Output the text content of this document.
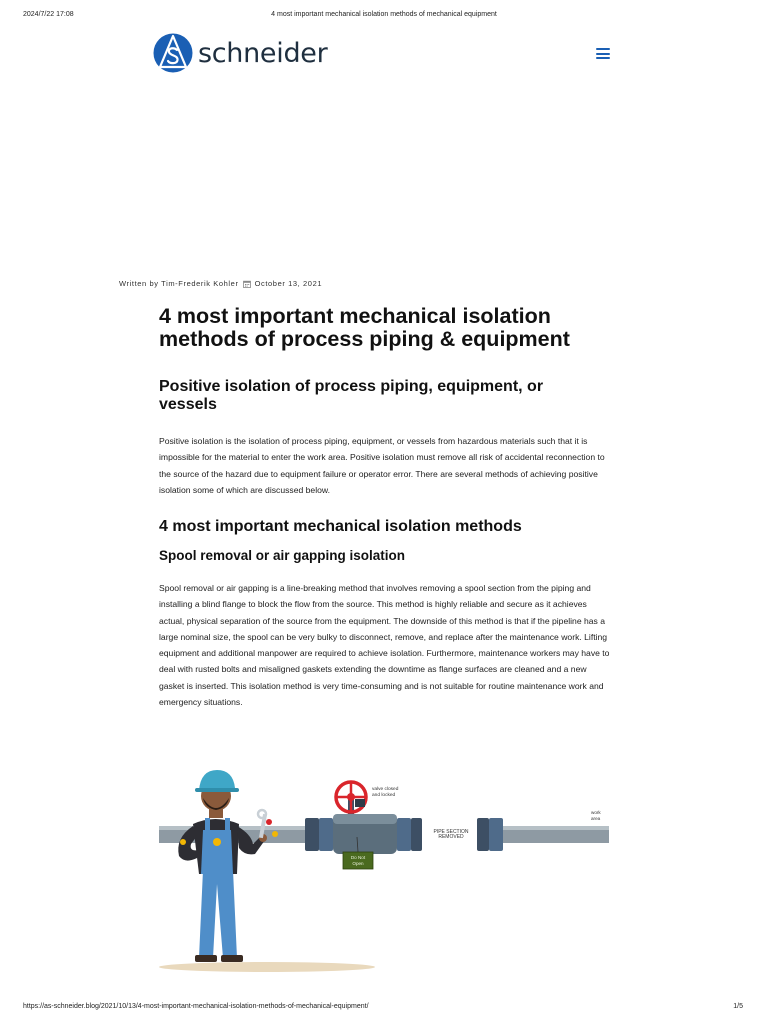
2024/7/22 17:08	4 most important mechanical isolation methods of mechanical equipment
schneider
Written by Tim-Frederik Kohler October 13, 2021
4 most important mechanical isolation methods of process piping & equipment
Positive isolation of process piping, equipment, or vessels

Positive isolation is the isolation of process piping, equipment, or vessels from hazardous materials such that it is impossible for the material to enter the work area. Positive isolation must remove all risk of accidental reconnection to the source of the hazard due to equipment failure or operator error. There are several methods of achieving positive isolation some of which are discussed below.

4 most important mechanical isolation methods
Spool removal or air gapping isolation

Spool removal or air gapping is a line-breaking method that involves removing a spool section from the piping and installing a blind flange to block the flow from the source. This method is highly reliable and secure as it achieves actual, physical separation of the source from the equipment. The downside of this method is that if the pipeline has a large nominal size, the spool can be very bulky to disconnect, remove, and replace after the maintenance work. Lifting equipment and additional manpower are required to achieve isolation. Furthermore, maintenance workers may have to deal with rusted bolts and misaligned gaskets extending the downtime as flange surfaces are cleaned and a new gasket is inserted. This isolation method is very time-consuming and is not suitable for routine maintenance work and emergency situations.

Do Not
Open
valve closed
and locked
PIPE SECTION
REMOVED
work
area
https://as-schneider.blog/2021/10/13/4-most-important-mechanical-isolation-methods-of-mechanical-equipment/	1/5
